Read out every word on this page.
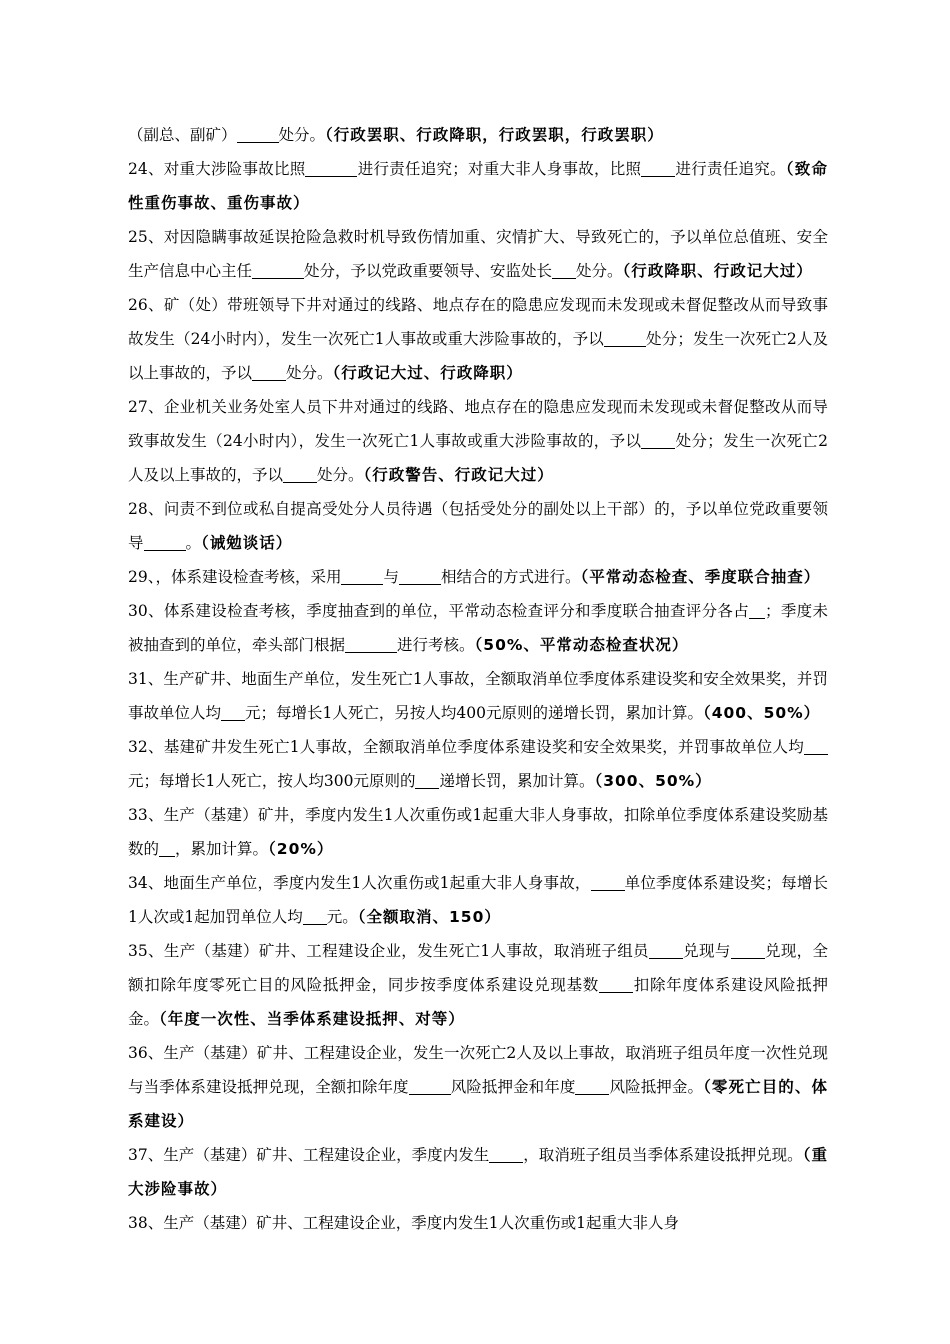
（副总、副矿）	处分。（行政罢职、行政降职，行政罢职，行政罢职）

24、对重大涉险事故比照	进行责任追究；对重大非人身事故，比照 进行责任追究。（致命性重伤事故、重伤事故）

25、对因隐瞒事故延误抢险急救时机导致伤情加重、灾情扩大、导致死亡的，予以单位总值班、安全生产信息中心主任	处分，予以党政重要领导、安监处长 处分。（行政降职、行政记大过）

26、矿（处）带班领导下井对通过的线路、地点存在的隐患应发现而未发现或未督促整改从而导致事故发生（24小时内），发生一次死亡1人事故或重大涉险事故的，予以	处分；发生一次死亡2人及以上事故的，予以 处分。（行政记大过、行政降职）

27、企业机关业务处室人员下井对通过的线路、地点存在的隐患应发现而未发现或未督促整改从而导致事故发生（24小时内），发生一次死亡1人事故或重大涉险事故的，予以 处分；发生一次死亡2人及以上事故的，予以 处分。（行政警告、行政记大过）

28、问责不到位或私自提高受处分人员待遇（包括受处分的副处以上干部）的，予以单位党政重要领导	。（诫勉谈话）

29、，体系建设检查考核，采用	与	相结合的方式进行。（平常动态检查、季度联合抽查）

30、体系建设检查考核，季度抽查到的单位，平常动态检查评分和季度联合抽查评分各占 ；季度未被抽查到的单位，牵头部门根据	进行考核。（50%、平常动态检查状况）

31、生产矿井、地面生产单位，发生死亡1人事故，全额取消单位季度体系建设奖和安全效果奖，并罚事故单位人均 元；每增长1人死亡，另按人均400元原则的递增长罚，累加计算。（400、50%）

32、基建矿井发生死亡1人事故，全额取消单位季度体系建设奖和安全效果奖，并罚事故单位人均 元；每增长1人死亡，按人均300元原则的 递增长罚，累加计算。（300、50%）

33、生产（基建）矿井，季度内发生1人次重伤或1起重大非人身事故，扣除单位季度体系建设奖励基数的 ，累加计算。（20%）

34、地面生产单位，季度内发生1人次重伤或1起重大非人身事故， 单位季度体系建设奖；每增长1人次或1起加罚单位人均 元。（全额取消、150）

35、生产（基建）矿井、工程建设企业，发生死亡1人事故，取消班子组员 兑现与 兑现，全额扣除年度零死亡目的风险抵押金，同步按季度体系建设兑现基数 扣除年度体系建设风险抵押金。（年度一次性、当季体系建设抵押、对等）

36、生产（基建）矿井、工程建设企业，发生一次死亡2人及以上事故，取消班子组员年度一次性兑现与当季体系建设抵押兑现，全额扣除年度	风险抵押金和年度 风险抵押金。（零死亡目的、体系建设）

37、生产（基建）矿井、工程建设企业，季度内发生 ，取消班子组员当季体系建设抵押兑现。（重大涉险事故）

38、生产（基建）矿井、工程建设企业，季度内发生1人次重伤或1起重大非人身
